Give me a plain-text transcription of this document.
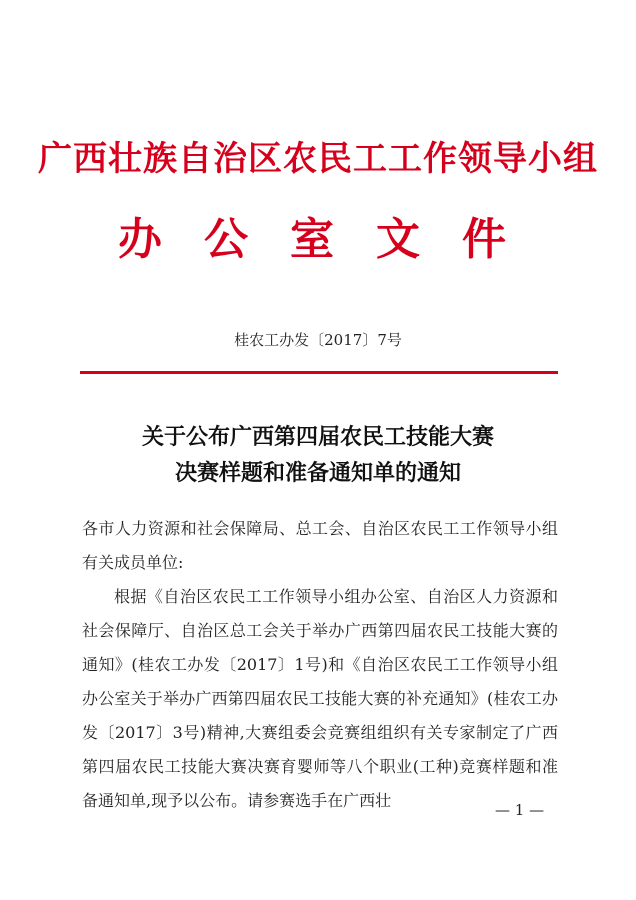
广西壮族自治区农民工工作领导小组
办公室文件
桂农工办发〔2017〕7号
关于公布广西第四届农民工技能大赛
决赛样题和准备通知单的通知

各市人力资源和社会保障局、总工会、自治区农民工工作领导小组有关成员单位:

根据《自治区农民工工作领导小组办公室、自治区人力资源和社会保障厅、自治区总工会关于举办广西第四届农民工技能大赛的通知》(桂农工办发〔2017〕1号)和《自治区农民工工作领导小组办公室关于举办广西第四届农民工技能大赛的补充通知》(桂农工办发〔2017〕3号)精神,大赛组委会竞赛组组织有关专家制定了广西第四届农民工技能大赛决赛育婴师等八个职业(工种)竞赛样题和准备通知单,现予以公布。请参赛选手在广西壮	— 1 —
